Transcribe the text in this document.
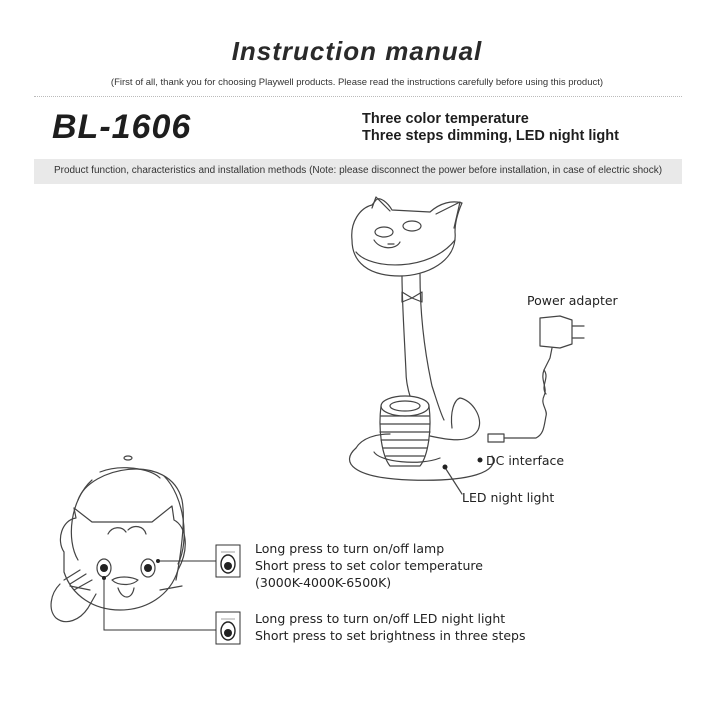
Instruction manual
(First of all, thank you for choosing Playwell products. Please read the instructions carefully before using this product)
BL-1606	Three color temperature
Three steps dimming, LED night light
Product function, characteristics and installation methods (Note: please disconnect the power before installation, in case of electric shock)
Power adapter
DC interface
LED night light
Long press to turn on/off lamp
Short press to set color temperature
(3000K-4000K-6500K)
Long press to turn on/off LED night light
Short press to set brightness in three steps
